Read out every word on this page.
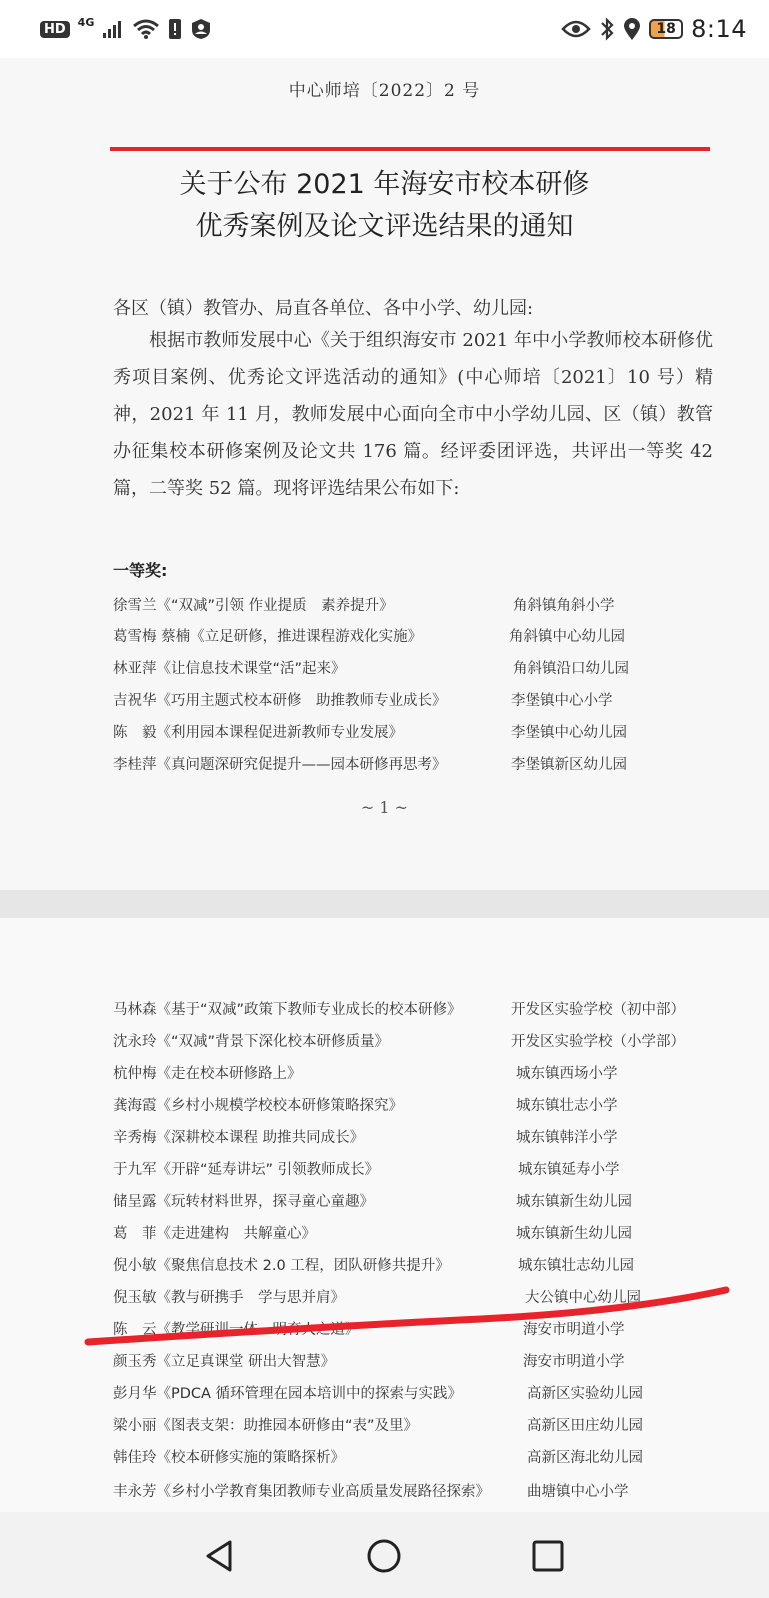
HD	4G	18 8:14
中心师培〔2022〕2 号
关于公布 2021 年海安市校本研修
优秀案例及论文评选结果的通知
各区（镇）教管办、局直各单位、各中小学、幼儿园:
根据市教师发展中心《关于组织海安市 2021 年中小学教师校本研修优秀项目案例、优秀论文评选活动的通知》(中心师培〔2021〕10 号）精神，2021 年 11 月，教师发展中心面向全市中小学幼儿园、区（镇）教管办征集校本研修案例及论文共 176 篇。经评委团评选，共评出一等奖 42 篇，二等奖 52 篇。现将评选结果公布如下:
一等奖:
徐雪兰《“双减”引领 作业提质　素养提升》	角斜镇角斜小学
葛雪梅 蔡楠《立足研修，推进课程游戏化实施》	角斜镇中心幼儿园
林亚萍《让信息技术课堂“活”起来》	角斜镇沿口幼儿园
吉祝华《巧用主题式校本研修　助推教师专业成长》	李堡镇中心小学
陈　毅《利用园本课程促进新教师专业发展》	李堡镇中心幼儿园
李桂萍《真问题深研究促提升——园本研修再思考》	李堡镇新区幼儿园
~ 1 ~
马林森《基于“双减”政策下教师专业成长的校本研修》	开发区实验学校（初中部）
沈永玲《“双减”背景下深化校本研修质量》	开发区实验学校（小学部）
杭仲梅《走在校本研修路上》	城东镇西场小学
龚海霞《乡村小规模学校校本研修策略探究》	城东镇壮志小学
辛秀梅《深耕校本课程 助推共同成长》	城东镇韩洋小学
于九军《开辟“延寿讲坛” 引领教师成长》	城东镇延寿小学
储呈露《玩转材料世界，探寻童心童趣》	城东镇新生幼儿园
葛　菲《走进建构　共解童心》	城东镇新生幼儿园
倪小敏《聚焦信息技术 2.0 工程，团队研修共提升》	城东镇壮志幼儿园
倪玉敏《教与研携手　学与思并肩》	大公镇中心幼儿园
陈　云《教学研训一体　明育人之道》	海安市明道小学
颜玉秀《立足真课堂 研出大智慧》	海安市明道小学
彭月华《PDCA 循环管理在园本培训中的探索与实践》	高新区实验幼儿园
梁小丽《图表支架：助推园本研修由“表”及里》	高新区田庄幼儿园
韩佳玲《校本研修实施的策略探析》	高新区海北幼儿园
丰永芳《乡村小学教育集团教师专业高质量发展路径探索》	曲塘镇中心小学
